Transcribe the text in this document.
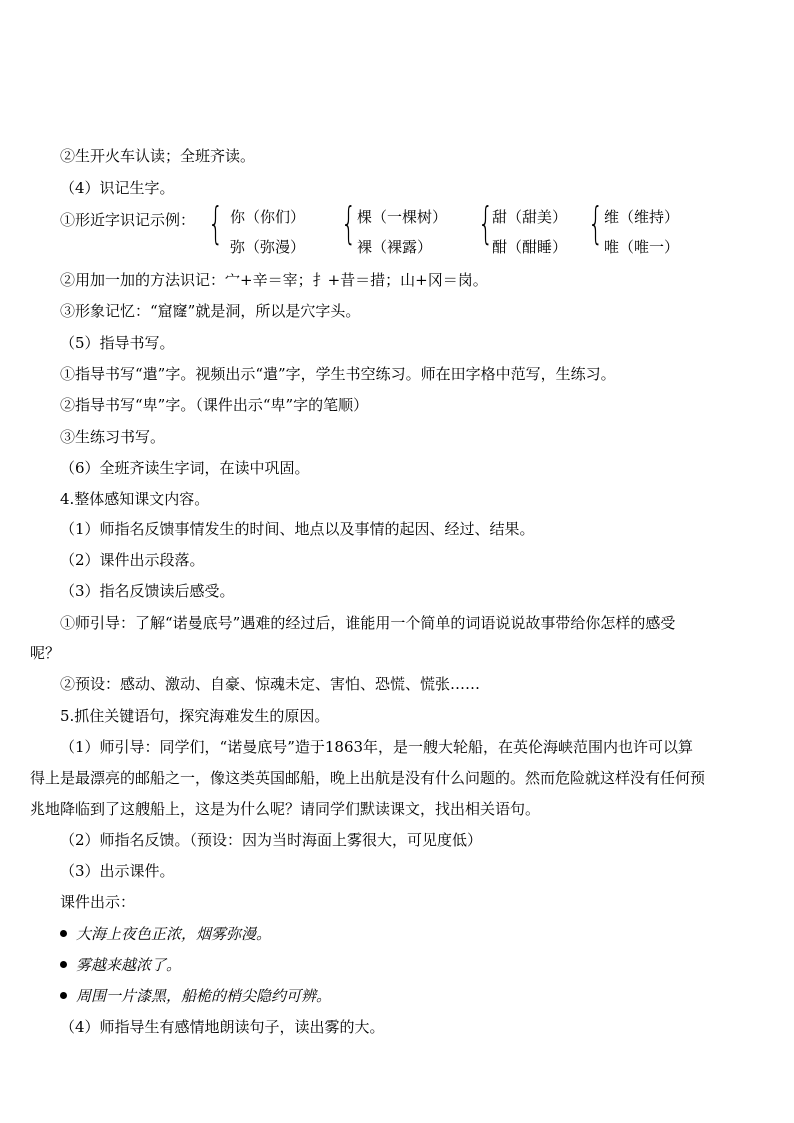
②生开火车认读；全班齐读。
（4）识记生字。
①形近字识记示例： { 你（你们）
弥（弥漫） { 棵（一棵树）
裸（裸露） {
甜（甜美）
酣（酣睡） { 维（维持）
唯（唯一）
②用加一加的方法识记：宀+辛＝宰；扌+昔＝措；山+冈＝岗。
③形象记忆：“窟窿”就是洞，所以是穴字头。
（5）指导书写。
①指导书写“遣”字。视频出示“遣”字，学生书空练习。师在田字格中范写，生练习。
②指导书写“卑”字。（课件出示“卑”字的笔顺）
③生练习书写。
（6）全班齐读生字词，在读中巩固。
4.整体感知课文内容。
（1）师指名反馈事情发生的时间、地点以及事情的起因、经过、结果。
（2）课件出示段落。
（3）指名反馈读后感受。
①师引导：了解“诺曼底号”遇难的经过后，谁能用一个简单的词语说说故事带给你怎样的感受
呢？
②预设：感动、激动、自豪、惊魂未定、害怕、恐慌、慌张……
5.抓住关键语句，探究海难发生的原因。
（1）师引导：同学们，“诺曼底号”造于1863年，是一艘大轮船，在英伦海峡范围内也许可以算
得上是最漂亮的邮船之一，像这类英国邮船，晚上出航是没有什么问题的。然而危险就这样没有任何预
兆地降临到了这艘船上，这是为什么呢？请同学们默读课文，找出相关语句。
（2）师指名反馈。（预设：因为当时海面上雾很大，可见度低）
（3）出示课件。
课件出示：
大海上夜色正浓，烟雾弥漫。
雾越来越浓了。
周围一片漆黑，船桅的梢尖隐约可辨。
（4）师指导生有感情地朗读句子，读出雾的大。
